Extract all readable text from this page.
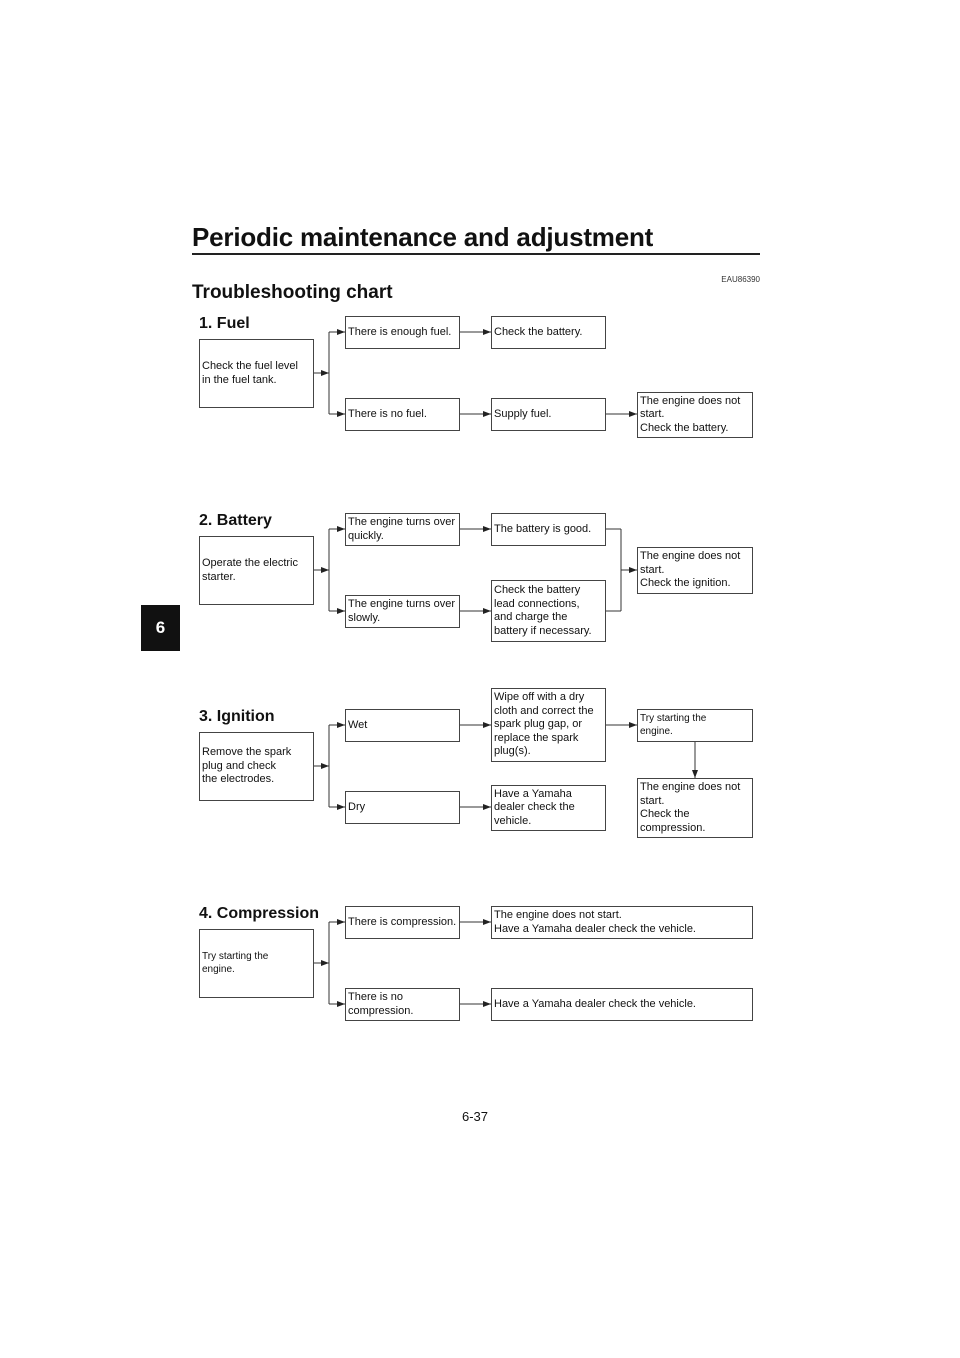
Periodic maintenance and adjustment
EAU86390
Troubleshooting chart
6
6-37
1. Fuel
Check the fuel level
in the fuel tank.
There is enough fuel.
There is no fuel.
Check the battery.
Supply fuel.
The engine does not
start.
Check the battery.
2. Battery
Operate the electric
starter.
The engine turns over
quickly.
The engine turns over
slowly.
The battery is good.
Check the battery
lead connections,
and charge the
battery if necessary.
The engine does not
start.
Check the ignition.
3. Ignition
Remove the spark
plug and check
the electrodes.
Wet
Dry
Wipe off with a dry
cloth and correct the
spark plug gap, or
replace the spark
plug(s).
Have a Yamaha
dealer check the
vehicle.
Try starting the
engine.
The engine does not
start.
Check the
compression.
4. Compression
Try starting the
engine.
There is compression.
There is no
compression.
The engine does not start.
Have a Yamaha dealer check the vehicle.
Have a Yamaha dealer check the vehicle.
